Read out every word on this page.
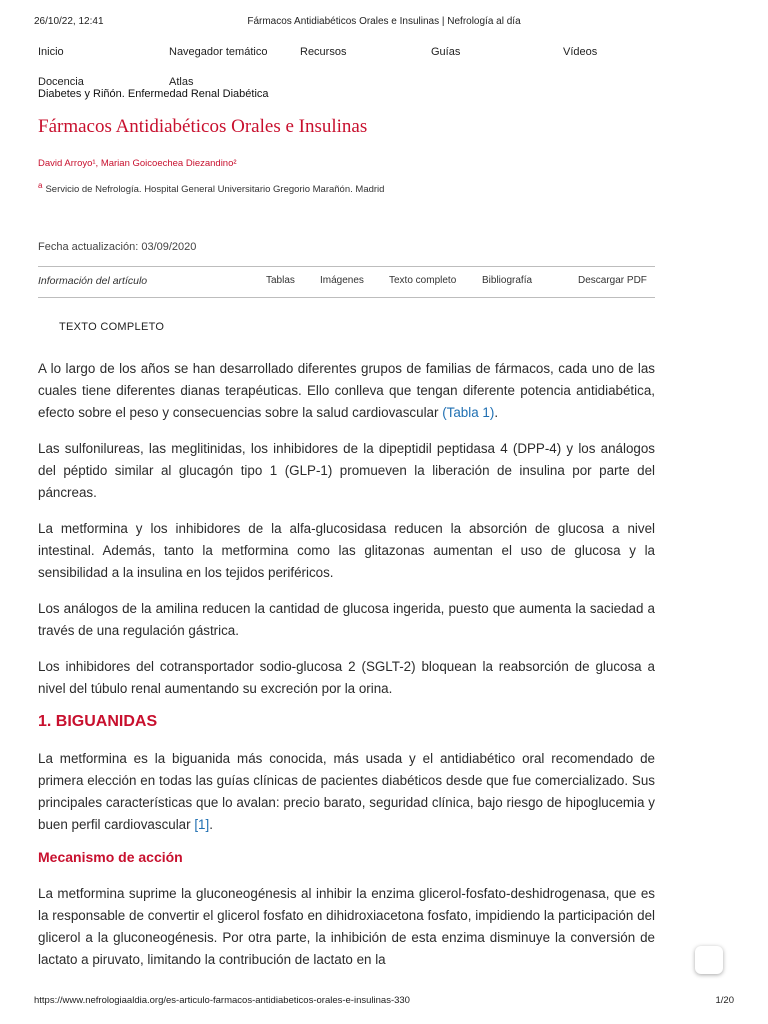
26/10/22, 12:41	Fármacos Antidiabéticos Orales e Insulinas | Nefrología al día
Inicio	Navegador temático	Recursos	Guías	Vídeos
Docencia	Atlas
Diabetes y Riñón. Enfermedad Renal Diabética
Fármacos Antidiabéticos Orales e Insulinas
David Arroyo¹, Marian Goicoechea Diezandino²
$^a$ Servicio de Nefrología. Hospital General Universitario Gregorio Marañón. Madrid
Fecha actualización: 03/09/2020
Información del artículo	Tablas	Imágenes	Texto completo	Bibliografía	Descargar PDF
TEXTO COMPLETO

A lo largo de los años se han desarrollado diferentes grupos de familias de fármacos, cada uno de las cuales tiene diferentes dianas terapéuticas. Ello conlleva que tengan diferente potencia antidiabética, efecto sobre el peso y consecuencias sobre la salud cardiovascular (Tabla 1).

Las sulfonilureas, las meglitinidas, los inhibidores de la dipeptidil peptidasa 4 (DPP-4) y los análogos del péptido similar al glucagón tipo 1 (GLP-1) promueven la liberación de insulina por parte del páncreas.

La metformina y los inhibidores de la alfa-glucosidasa reducen la absorción de glucosa a nivel intestinal. Además, tanto la metformina como las glitazonas aumentan el uso de glucosa y la sensibilidad a la insulina en los tejidos periféricos.

Los análogos de la amilina reducen la cantidad de glucosa ingerida, puesto que aumenta la saciedad a través de una regulación gástrica.

Los inhibidores del cotransportador sodio-glucosa 2 (SGLT-2) bloquean la reabsorción de glucosa a nivel del túbulo renal aumentando su excreción por la orina.

1. BIGUANIDAS

La metformina es la biguanida más conocida, más usada y el antidiabético oral recomendado de primera elección en todas las guías clínicas de pacientes diabéticos desde que fue comercializado. Sus principales características que lo avalan: precio barato, seguridad clínica, bajo riesgo de hipoglucemia y buen perfil cardiovascular [1].

Mecanismo de acción

La metformina suprime la gluconeogénesis al inhibir la enzima glicerol-fosfato-deshidrogenasa, que es la responsable de convertir el glicerol fosfato en dihidroxiacetona fosfato, impidiendo la participación del glicerol a la gluconeogénesis. Por otra parte, la inhibición de esta enzima disminuye la conversión de lactato a piruvato, limitando la contribución de lactato en la

https://www.nefrologiaaldia.org/es-articulo-farmacos-antidiabeticos-orales-e-insulinas-330	1/20
